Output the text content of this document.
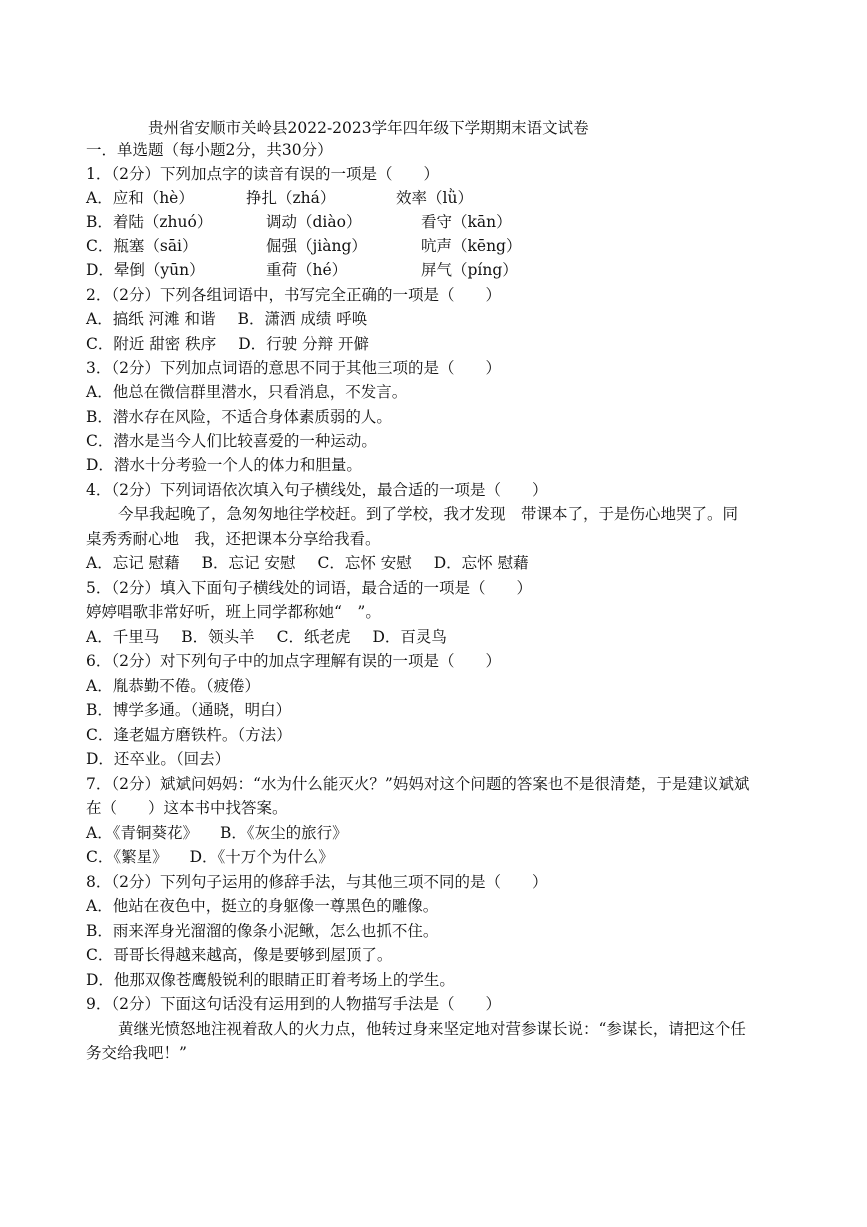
贵州省安顺市关岭县2022-2023学年四年级下学期期末语文试卷
一．单选题（每小题2分，共30分）
1．（2分）下列加点字的读音有误的一项是（　　）
A．应和（hè）	挣扎（zhá）	效率（lǜ）
B．着陆（zhuó）	调动（diào）	看守（kān）
C．瓶塞（sāi）	倔强（jiàng）	吭声（kēng）
D．晕倒（yūn）	重荷（hé）	屏气（píng）
2．（2分）下列各组词语中，书写完全正确的一项是（　　）
A．搞纸 河滩 和谐 B．潇洒 成绩 呼唤
C．附近 甜密 秩序 D．行驶 分辩 开僻
3．（2分）下列加点词语的意思不同于其他三项的是（　　）
A．他总在微信群里潜水，只看消息，不发言。
B．潜水存在风险，不适合身体素质弱的人。
C．潜水是当今人们比较喜爱的一种运动。
D．潜水十分考验一个人的体力和胆量。
4．（2分）下列词语依次填入句子横线处，最合适的一项是（　　）
今早我起晚了，急匆匆地往学校赶。到了学校，我才发现　带课本了，于是伤心地哭了。同
桌秀秀耐心地　我，还把课本分享给我看。
A．忘记 慰藉 B．忘记 安慰 C．忘怀 安慰 D．忘怀 慰藉
5．（2分）填入下面句子横线处的词语，最合适的一项是（　　）
婷婷唱歌非常好听，班上同学都称她“　”。
A．千里马 B．领头羊 C．纸老虎 D．百灵鸟
6．（2分）对下列句子中的加点字理解有误的一项是（　　）
A．胤恭勤不倦。（疲倦）
B．博学多通。（通晓，明白）
C．逢老媪方磨铁杵。（方法）
D．还卒业。（回去）
7．（2分）斌斌问妈妈：“水为什么能灭火？”妈妈对这个问题的答案也不是很清楚，于是建议斌斌
在（　　）这本书中找答案。
A．《青铜葵花》 B．《灰尘的旅行》
C．《繁星》 D．《十万个为什么》
8．（2分）下列句子运用的修辞手法，与其他三项不同的是（　　）
A．他站在夜色中，挺立的身躯像一尊黑色的雕像。
B．雨来浑身光溜溜的像条小泥鳅，怎么也抓不住。
C．哥哥长得越来越高，像是要够到屋顶了。
D．他那双像苍鹰般锐利的眼睛正盯着考场上的学生。
9．（2分）下面这句话没有运用到的人物描写手法是（　　）
黄继光愤怒地注视着敌人的火力点，他转过身来坚定地对营参谋长说：“参谋长，请把这个任
务交给我吧！”
